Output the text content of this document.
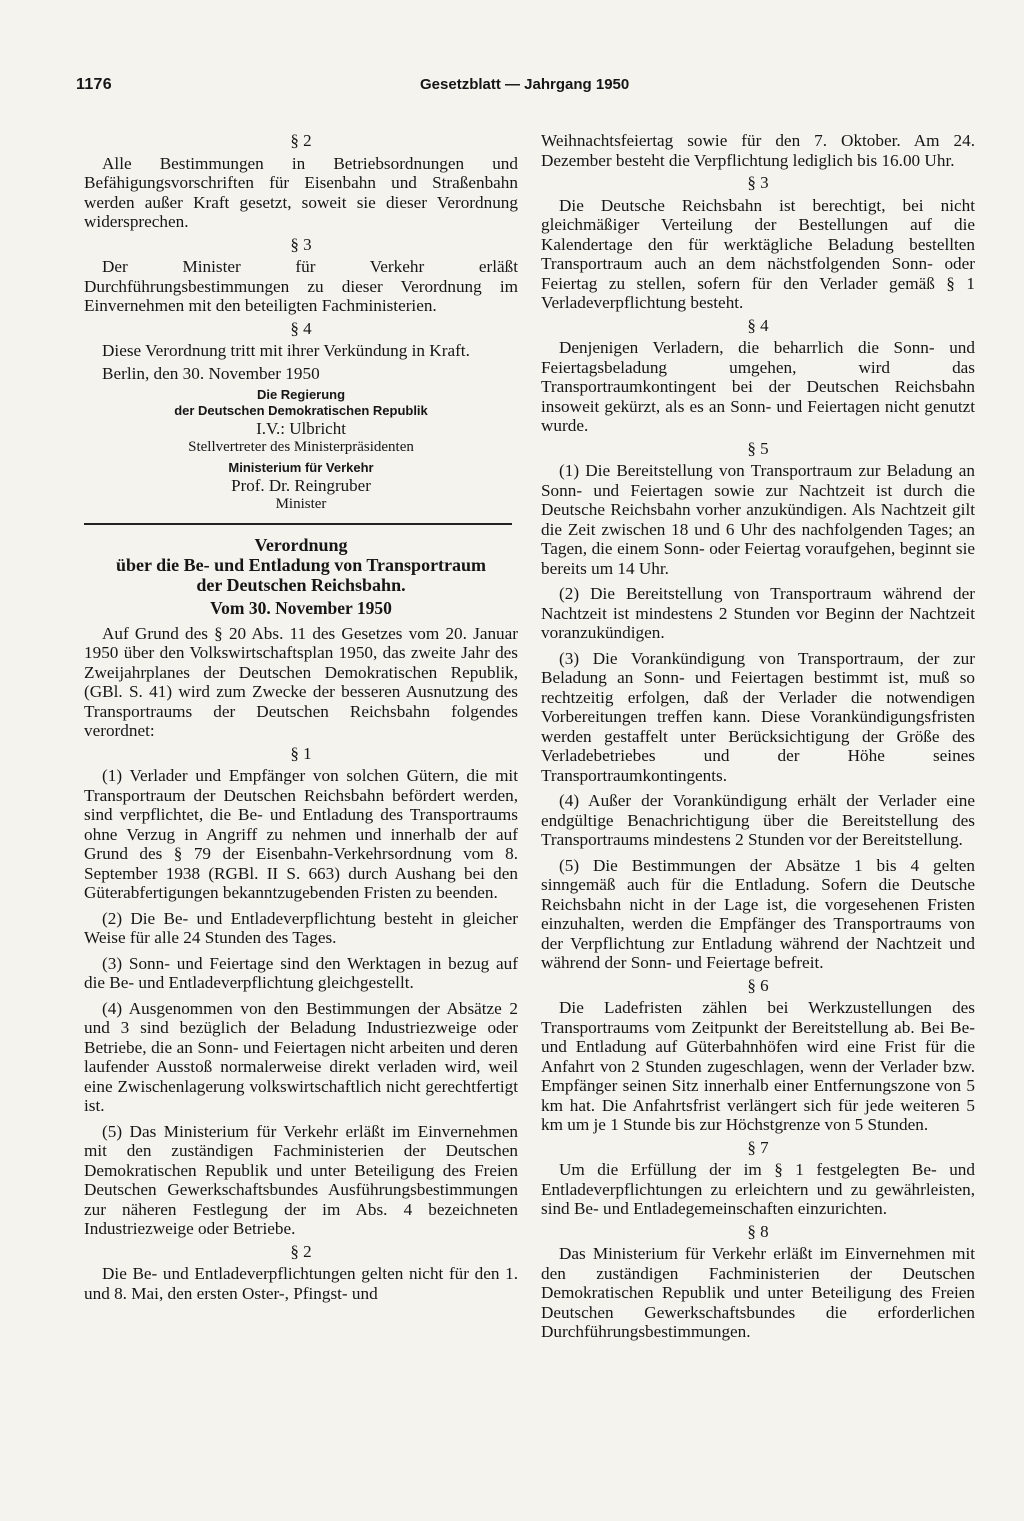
1176	Gesetzblatt — Jahrgang 1950
§ 2

Alle Bestimmungen in Betriebsordnungen und Befähigungsvorschriften für Eisenbahn und Straßenbahn werden außer Kraft gesetzt, soweit sie dieser Verordnung widersprechen.

§ 3

Der Minister für Verkehr erläßt Durchführungsbestimmungen zu dieser Verordnung im Einvernehmen mit den beteiligten Fachministerien.

§ 4

Diese Verordnung tritt mit ihrer Verkündung in Kraft.

Berlin, den 30. November 1950

Die Regierung

der Deutschen Demokratischen Republik

I.V.: Ulbricht

Stellvertreter des Ministerpräsidenten

Ministerium für Verkehr

Prof. Dr. Reingruber

Minister

Verordnung

über die Be- und Entladung von Transportraum

der Deutschen Reichsbahn.

Vom 30. November 1950

Auf Grund des § 20 Abs. 11 des Gesetzes vom 20. Januar 1950 über den Volkswirtschaftsplan 1950, das zweite Jahr des Zweijahrplanes der Deutschen Demokratischen Republik, (GBl. S. 41) wird zum Zwecke der besseren Ausnutzung des Transportraums der Deutschen Reichsbahn folgendes verordnet:

§ 1

(1) Verlader und Empfänger von solchen Gütern, die mit Transportraum der Deutschen Reichsbahn befördert werden, sind verpflichtet, die Be- und Entladung des Transportraums ohne Verzug in Angriff zu nehmen und innerhalb der auf Grund des § 79 der Eisenbahn-Verkehrsordnung vom 8. September 1938 (RGBl. II S. 663) durch Aushang bei den Güterabfertigungen bekanntzugebenden Fristen zu beenden.

(2) Die Be- und Entladeverpflichtung besteht in gleicher Weise für alle 24 Stunden des Tages.

(3) Sonn- und Feiertage sind den Werktagen in bezug auf die Be- und Entladeverpflichtung gleichgestellt.

(4) Ausgenommen von den Bestimmungen der Absätze 2 und 3 sind bezüglich der Beladung Industriezweige oder Betriebe, die an Sonn- und Feiertagen nicht arbeiten und deren laufender Ausstoß normalerweise direkt verladen wird, weil eine Zwischenlagerung volkswirtschaftlich nicht gerechtfertigt ist.

(5) Das Ministerium für Verkehr erläßt im Einvernehmen mit den zuständigen Fachministerien der Deutschen Demokratischen Republik und unter Beteiligung des Freien Deutschen Gewerkschaftsbundes Ausführungsbestimmungen zur näheren Festlegung der im Abs. 4 bezeichneten Industriezweige oder Betriebe.

§ 2

Die Be- und Entladeverpflichtungen gelten nicht für den 1. und 8. Mai, den ersten Oster-, Pfingst- und

Weihnachtsfeiertag sowie für den 7. Oktober. Am 24. Dezember besteht die Verpflichtung lediglich bis 16.00 Uhr.

§ 3

Die Deutsche Reichsbahn ist berechtigt, bei nicht gleichmäßiger Verteilung der Bestellungen auf die Kalendertage den für werktägliche Beladung bestellten Transportraum auch an dem nächstfolgenden Sonn- oder Feiertag zu stellen, sofern für den Verlader gemäß § 1 Verladeverpflichtung besteht.

§ 4

Denjenigen Verladern, die beharrlich die Sonn- und Feiertagsbeladung umgehen, wird das Transportraumkontingent bei der Deutschen Reichsbahn insoweit gekürzt, als es an Sonn- und Feiertagen nicht genutzt wurde.

§ 5

(1) Die Bereitstellung von Transportraum zur Beladung an Sonn- und Feiertagen sowie zur Nachtzeit ist durch die Deutsche Reichsbahn vorher anzukündigen. Als Nachtzeit gilt die Zeit zwischen 18 und 6 Uhr des nachfolgenden Tages; an Tagen, die einem Sonn- oder Feiertag voraufgehen, beginnt sie bereits um 14 Uhr.

(2) Die Bereitstellung von Transportraum während der Nachtzeit ist mindestens 2 Stunden vor Beginn der Nachtzeit voranzukündigen.

(3) Die Vorankündigung von Transportraum, der zur Beladung an Sonn- und Feiertagen bestimmt ist, muß so rechtzeitig erfolgen, daß der Verlader die notwendigen Vorbereitungen treffen kann. Diese Vorankündigungsfristen werden gestaffelt unter Berücksichtigung der Größe des Verladebetriebes und der Höhe seines Transportraumkontingents.

(4) Außer der Vorankündigung erhält der Verlader eine endgültige Benachrichtigung über die Bereitstellung des Transportraums mindestens 2 Stunden vor der Bereitstellung.

(5) Die Bestimmungen der Absätze 1 bis 4 gelten sinngemäß auch für die Entladung. Sofern die Deutsche Reichsbahn nicht in der Lage ist, die vorgesehenen Fristen einzuhalten, werden die Empfänger des Transportraums von der Verpflichtung zur Entladung während der Nachtzeit und während der Sonn- und Feiertage befreit.

§ 6

Die Ladefristen zählen bei Werkzustellungen des Transportraums vom Zeitpunkt der Bereitstellung ab. Bei Be- und Entladung auf Güterbahnhöfen wird eine Frist für die Anfahrt von 2 Stunden zugeschlagen, wenn der Verlader bzw. Empfänger seinen Sitz innerhalb einer Entfernungszone von 5 km hat. Die Anfahrtsfrist verlängert sich für jede weiteren 5 km um je 1 Stunde bis zur Höchstgrenze von 5 Stunden.

§ 7

Um die Erfüllung der im § 1 festgelegten Be- und Entladeverpflichtungen zu erleichtern und zu gewährleisten, sind Be- und Entladegemeinschaften einzurichten.

§ 8

Das Ministerium für Verkehr erläßt im Einvernehmen mit den zuständigen Fachministerien der Deutschen Demokratischen Republik und unter Beteiligung des Freien Deutschen Gewerkschaftsbundes die erforderlichen Durchführungsbestimmungen.
